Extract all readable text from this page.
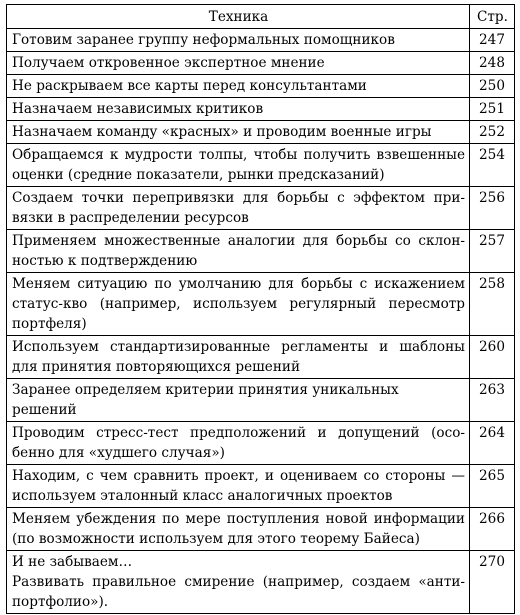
Техника	Стр.

Готовим заранее группу неформальных помощников	247

Получаем откровенное экспертное мнение	248

Не раскрываем все карты перед консультантами	250

Назначаем независимых критиков	251

Назначаем команду «красных» и проводим военные игры	252

Обращаемся к мудрости толпы, чтобы получить взвешенные
оценки (средние показатели, рынки предсказаний)	254

Создаем точки перепривязки для борьбы с эффектом при-
вязки в распределении ресурсов	256

Применяем множественные аналогии для борьбы со склон-
ностью к подтверждению	257

Меняем ситуацию по умолчанию для борьбы с искажением
статус-кво (например, используем регулярный пересмотр
портфеля)	258

Используем стандартизированные регламенты и шаблоны
для принятия повторяющихся решений	260

Заранее определяем критерии принятия уникальных решений	263

Проводим стресс-тест предположений и допущений (осо-
бенно для «худшего случая»)	264

Находим, с чем сравнить проект, и оцениваем со стороны —
используем эталонный класс аналогичных проектов	265

Меняем убеждения по мере поступления новой информации
(по возможности используем для этого теорему Байеса)	266

И не забываем…
Развивать правильное смирение (например, создаем «анти-
портфолио»).	270
